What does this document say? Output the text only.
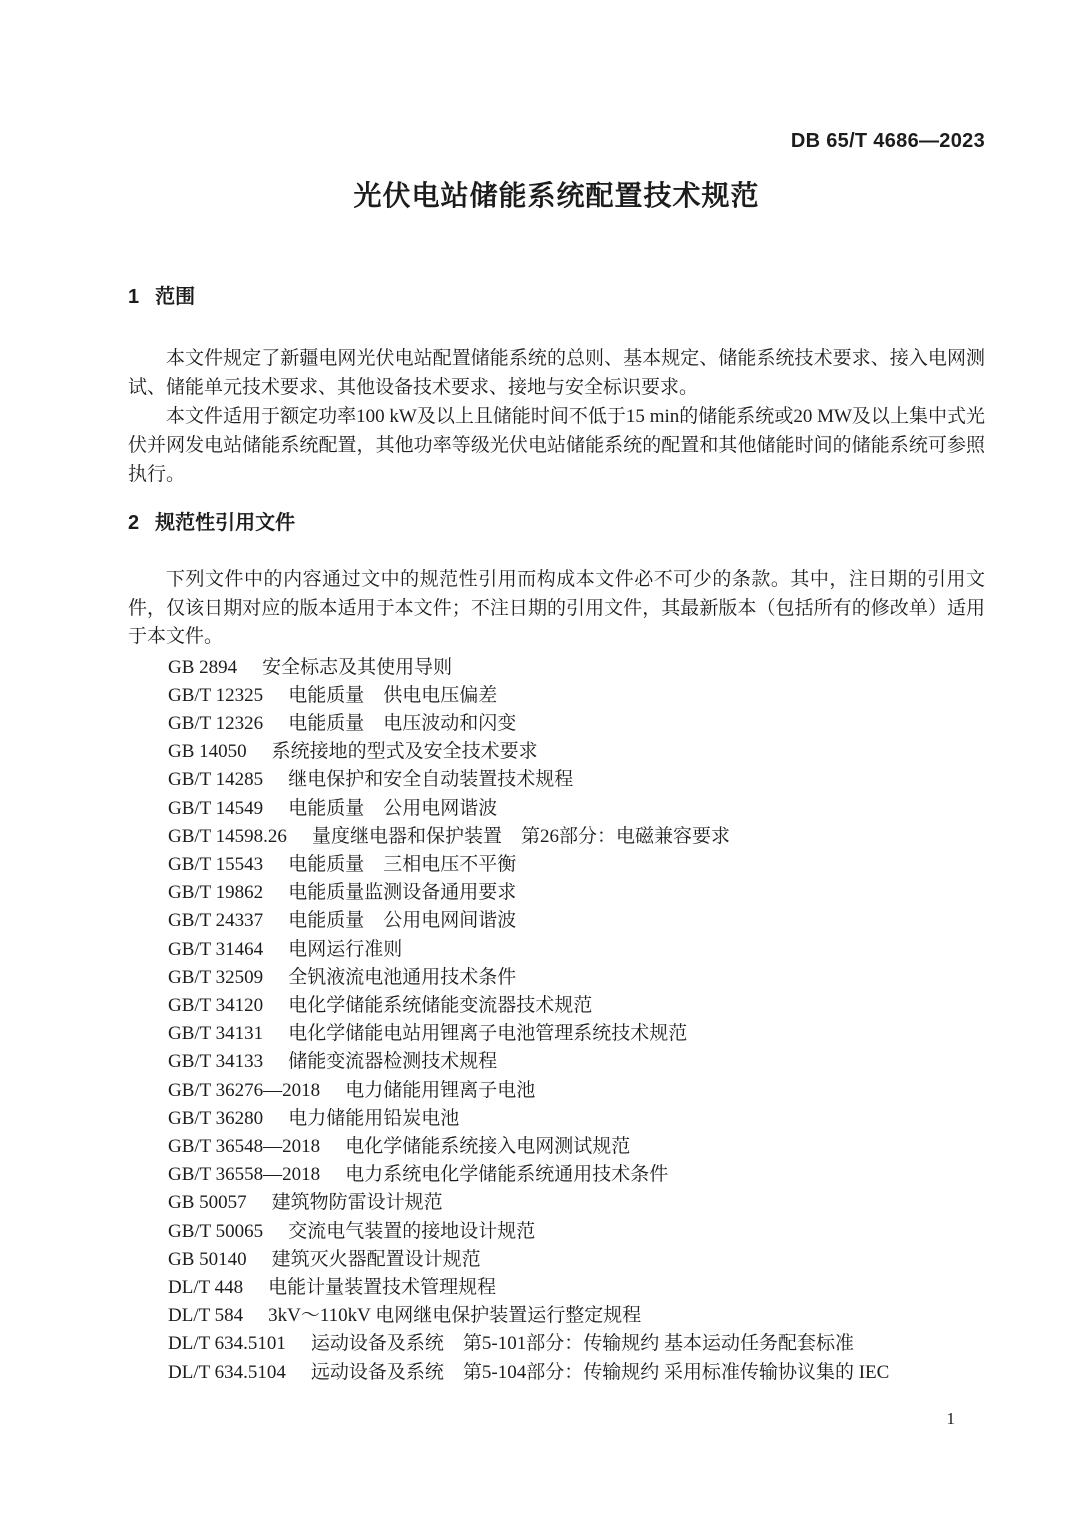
DB 65/T 4686—2023
光伏电站储能系统配置技术规范
1 范围

本文件规定了新疆电网光伏电站配置储能系统的总则、基本规定、储能系统技术要求、接入电网测试、储能单元技术要求、其他设备技术要求、接地与安全标识要求。

本文件适用于额定功率100 kW及以上且储能时间不低于15 min的储能系统或20 MW及以上集中式光伏并网发电站储能系统配置，其他功率等级光伏电站储能系统的配置和其他储能时间的储能系统可参照执行。

2 规范性引用文件

下列文件中的内容通过文中的规范性引用而构成本文件必不可少的条款。其中，注日期的引用文件，仅该日期对应的版本适用于本文件；不注日期的引用文件，其最新版本（包括所有的修改单）适用于本文件。

GB 2894 安全标志及其使用导则
GB/T 12325 电能质量　供电电压偏差
GB/T 12326 电能质量　电压波动和闪变
GB 14050 系统接地的型式及安全技术要求
GB/T 14285 继电保护和安全自动装置技术规程
GB/T 14549 电能质量　公用电网谐波
GB/T 14598.26 量度继电器和保护装置　第26部分：电磁兼容要求
GB/T 15543 电能质量　三相电压不平衡
GB/T 19862 电能质量监测设备通用要求
GB/T 24337 电能质量　公用电网间谐波
GB/T 31464 电网运行准则
GB/T 32509 全钒液流电池通用技术条件
GB/T 34120 电化学储能系统储能变流器技术规范
GB/T 34131 电化学储能电站用锂离子电池管理系统技术规范
GB/T 34133 储能变流器检测技术规程
GB/T 36276—2018 电力储能用锂离子电池
GB/T 36280 电力储能用铅炭电池
GB/T 36548—2018 电化学储能系统接入电网测试规范
GB/T 36558—2018 电力系统电化学储能系统通用技术条件
GB 50057 建筑物防雷设计规范
GB/T 50065 交流电气装置的接地设计规范
GB 50140 建筑灭火器配置设计规范
DL/T 448 电能计量装置技术管理规程
DL/T 584 3kV～110kV 电网继电保护装置运行整定规程
DL/T 634.5101 运动设备及系统　第5-101部分：传输规约 基本运动任务配套标准
DL/T 634.5104 远动设备及系统　第5-104部分：传输规约 采用标准传输协议集的 IEC
1
